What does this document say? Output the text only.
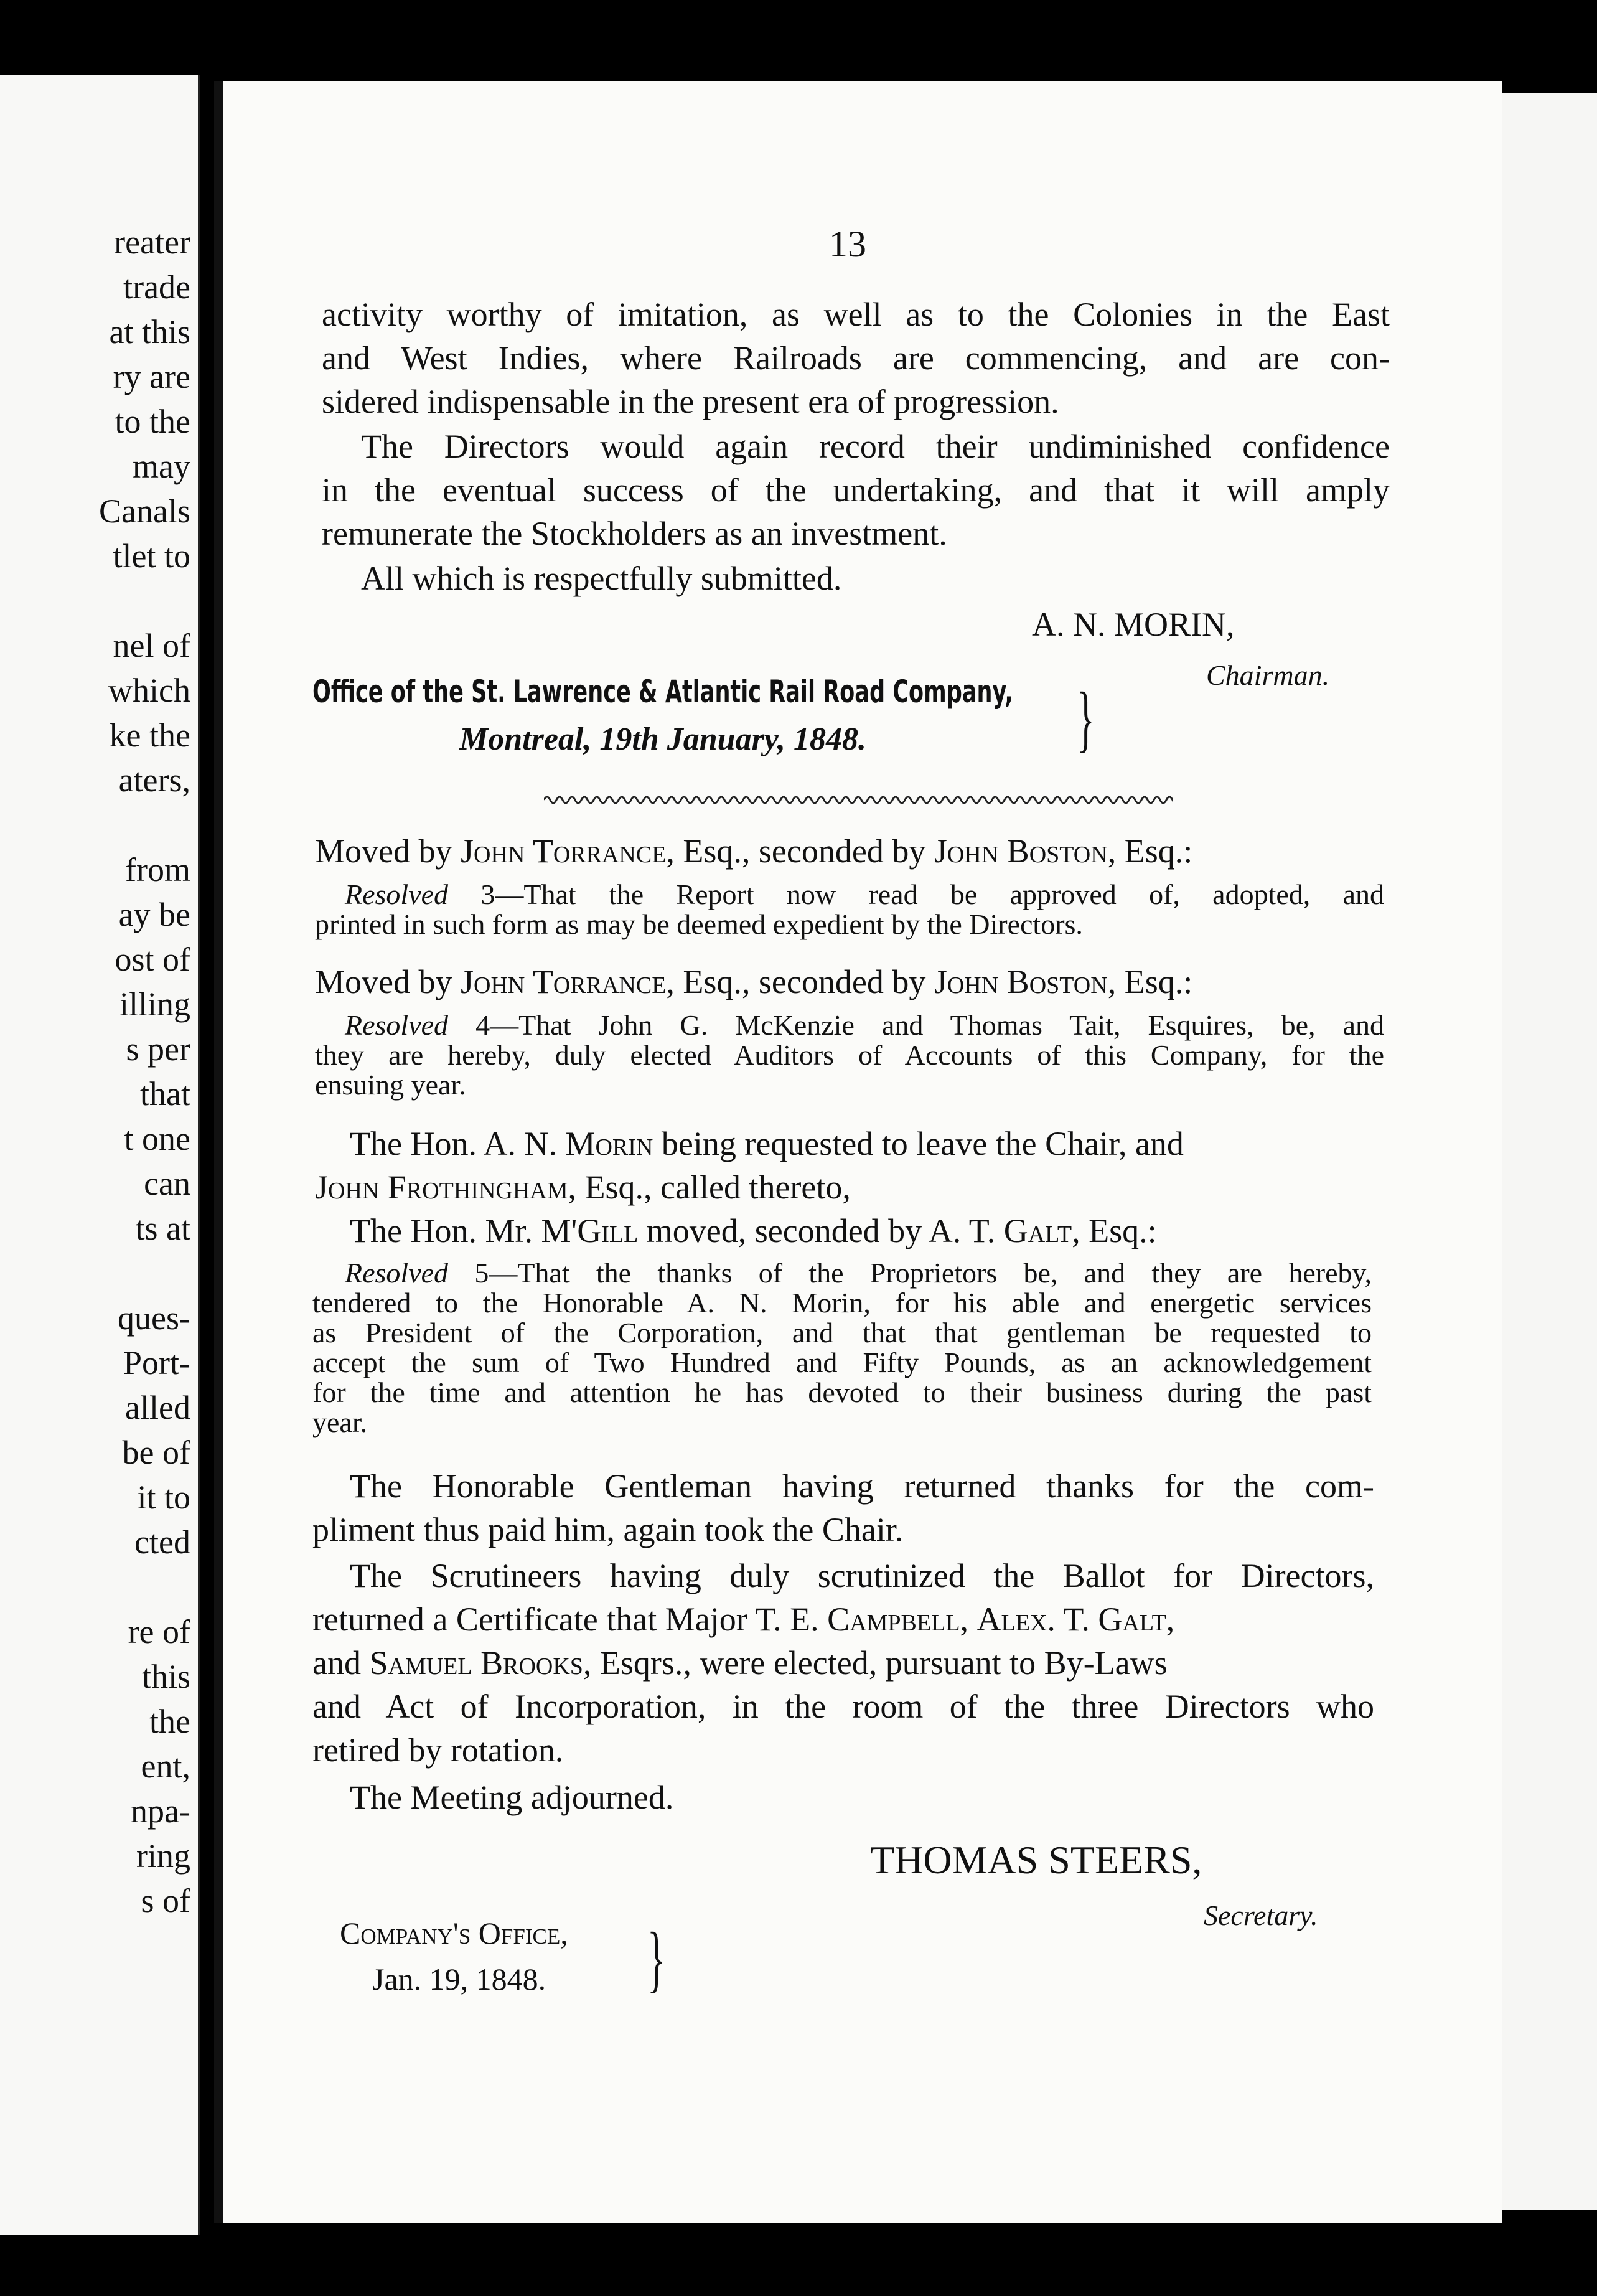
reater
trade
at this
ry are
to the
may
Canals
tlet to
nel of
which
ke the
aters,
from
ay be
ost of
illing
s per
that
t one
can
ts at
ques-
Port-
alled
be of
it to
cted
re of
this
the
ent,
npa-
ring
s of
13
activity worthy of imitation, as well as to the Colonies in the East
and West Indies, where Railroads are commencing, and are con-
sidered indispensable in the present era of progression.
The Directors would again record their undiminished confidence
in the eventual success of the undertaking, and that it will amply
remunerate the Stockholders as an investment.
All which is respectfully submitted.
A. N. MORIN,
Chairman.
Office of the St. Lawrence & Atlantic Rail Road Company,
Montreal, 19th January, 1848.	}
Moved by John Torrance, Esq., seconded by John Boston, Esq.:
Resolved 3—That the Report now read be approved of, adopted, and
printed in such form as may be deemed expedient by the Directors.
Moved by John Torrance, Esq., seconded by John Boston, Esq.:
Resolved 4—That John G. McKenzie and Thomas Tait, Esquires, be, and
they are hereby, duly elected Auditors of Accounts of this Company, for the
ensuing year.
The Hon. A. N. Morin being requested to leave the Chair, and
John Frothingham, Esq., called thereto,
The Hon. Mr. M'Gill moved, seconded by A. T. Galt, Esq.:
Resolved 5—That the thanks of the Proprietors be, and they are hereby,
tendered to the Honorable A. N. Morin, for his able and energetic services
as President of the Corporation, and that that gentleman be requested to
accept the sum of Two Hundred and Fifty Pounds, as an acknowledgement
for the time and attention he has devoted to their business during the past
year.
The Honorable Gentleman having returned thanks for the com-
pliment thus paid him, again took the Chair.
The Scrutineers having duly scrutinized the Ballot for Directors,
returned a Certificate that Major T. E. Campbell, Alex. T. Galt,
and Samuel Brooks, Esqrs., were elected, pursuant to By-Laws
and Act of Incorporation, in the room of the three Directors who
retired by rotation.
The Meeting adjourned.
THOMAS STEERS,
Secretary.
Company's Office,
Jan. 19, 1848. }
